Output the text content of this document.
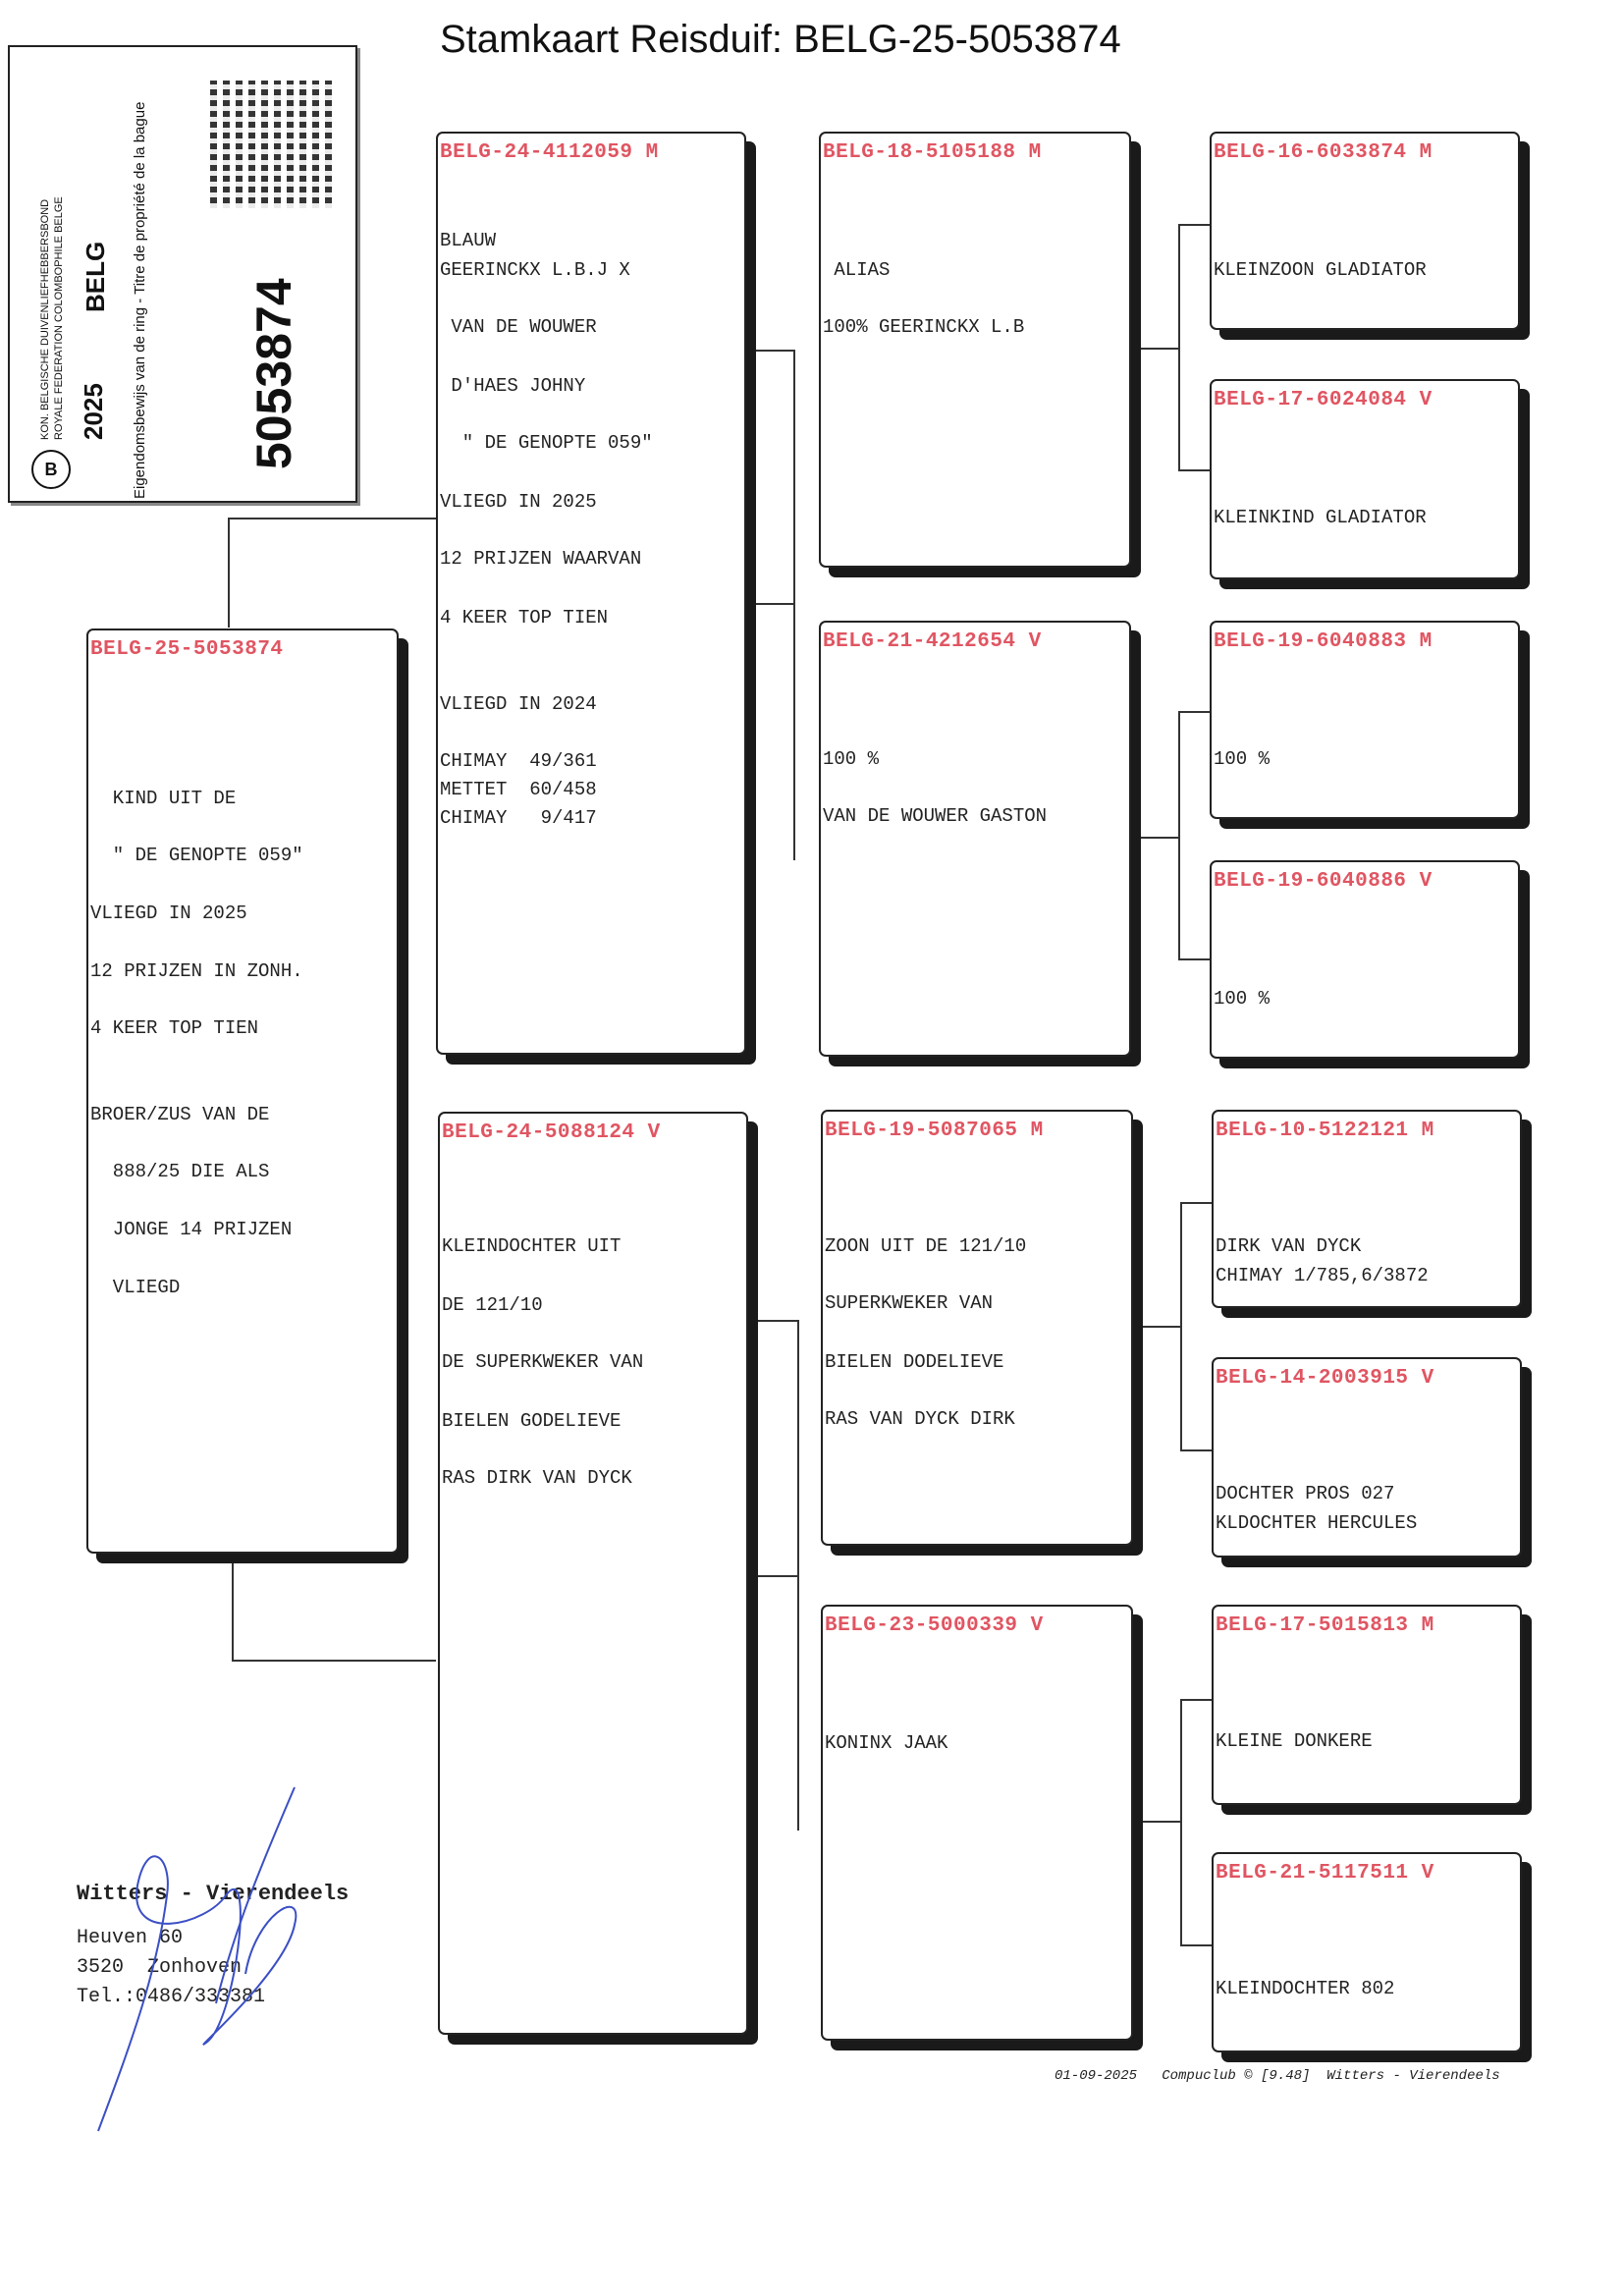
Stamkaart Reisduif: BELG-25-5053874
KON. BELGISCHE DUIVENLIEFHEBBERSBOND ROYALE FEDERATION COLOMBOPHILE BELGE
B
2025
BELG Eigendomsbewijs van de ring - Titre de propriété de la bague 5053874
BELG-25-5053874
KIND UIT DE
" DE GENOPTE 059"
VLIEGD IN 2025
12 PRIJZEN IN ZONH.
4 KEER TOP TIEN
BROER/ZUS VAN DE
888/25 DIE ALS
JONGE 14 PRIJZEN
VLIEGD
BELG-24-4112059 M
BLAUW
GEERINCKX L.B.J X
VAN DE WOUWER
D'HAES JOHNY
" DE GENOPTE 059"
VLIEGD IN 2025
12 PRIJZEN WAARVAN
4 KEER TOP TIEN
VLIEGD IN 2024
CHIMAY  49/361
METTET  60/458
CHIMAY   9/417
BELG-24-5088124 V
KLEINDOCHTER UIT
DE 121/10
DE SUPERKWEKER VAN
BIELEN GODELIEVE
RAS DIRK VAN DYCK
BELG-18-5105188 M
ALIAS
100% GEERINCKX L.B
BELG-21-4212654 V
100 %
VAN DE WOUWER GASTON
BELG-19-5087065 M
ZOON UIT DE 121/10
SUPERKWEKER VAN
BIELEN DODELIEVE
RAS VAN DYCK DIRK
BELG-23-5000339 V
KONINX JAAK
BELG-16-6033874 M
KLEINZOON GLADIATOR
BELG-17-6024084 V
KLEINKIND GLADIATOR
BELG-19-6040883 M
100 %
BELG-19-6040886 V
100 %
BELG-10-5122121 M
DIRK VAN DYCK
CHIMAY 1/785,6/3872
BELG-14-2003915 V
DOCHTER PROS 027
KLDOCHTER HERCULES
BELG-17-5015813 M
KLEINE DONKERE
BELG-21-5117511 V
KLEINDOCHTER 802
Witters - Vierendeels
Heuven 60
3520  Zonhoven
Tel.:0486/333381
01-09-2025   Compuclub © [9.48]  Witters - Vierendeels
